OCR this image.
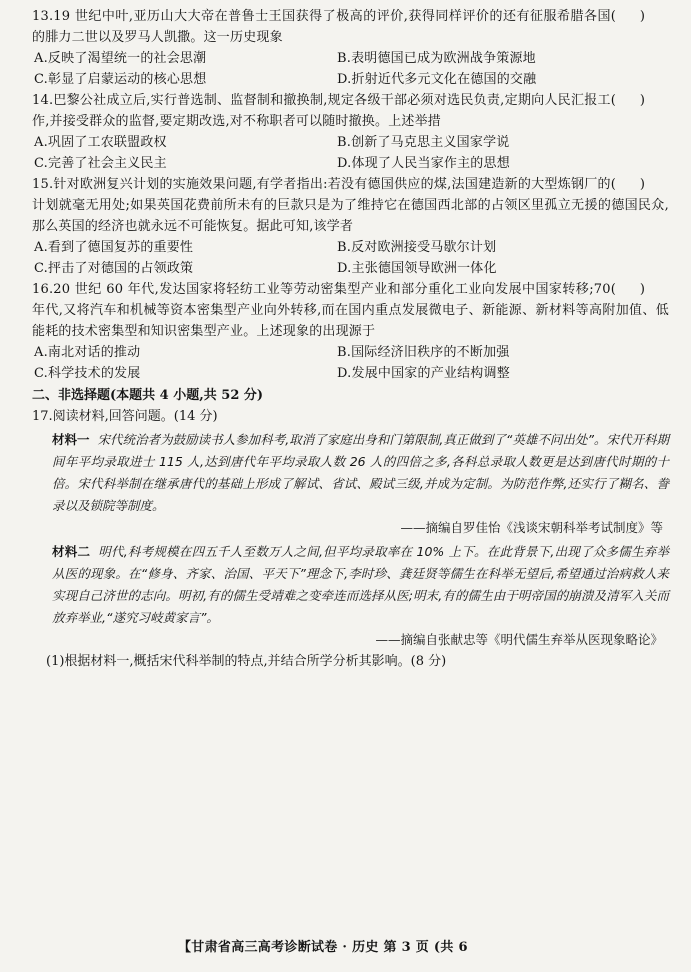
( )
13.19 世纪中叶,亚历山大大帝在普鲁士王国获得了极高的评价,获得同样评价的还有征服希腊各国的腓力二世以及罗马人凯撒。这一历史现象
A.反映了渴望统一的社会思潮	B.表明德国已成为欧洲战争策源地
C.彰显了启蒙运动的核心思想	D.折射近代多元文化在德国的交融
( )
14.巴黎公社成立后,实行普选制、监督制和撤换制,规定各级干部必须对选民负责,定期向人民汇报工作,并接受群众的监督,要定期改选,对不称职者可以随时撤换。上述举措
A.巩固了工农联盟政权	B.创新了马克思主义国家学说
C.完善了社会主义民主	D.体现了人民当家作主的思想
( )
15.针对欧洲复兴计划的实施效果问题,有学者指出:若没有德国供应的煤,法国建造新的大型炼钢厂的计划就毫无用处;如果英国花费前所未有的巨款只是为了维持它在德国西北部的占领区里孤立无援的德国民众,那么英国的经济也就永远不可能恢复。据此可知,该学者
A.看到了德国复苏的重要性	B.反对欧洲接受马歇尔计划
C.抨击了对德国的占领政策	D.主张德国领导欧洲一体化
( )
16.20 世纪 60 年代,发达国家将轻纺工业等劳动密集型产业和部分重化工业向发展中国家转移;70 年代,又将汽车和机械等资本密集型产业向外转移,而在国内重点发展微电子、新能源、新材料等高附加值、低能耗的技术密集型和知识密集型产业。上述现象的出现源于
A.南北对话的推动	B.国际经济旧秩序的不断加强
C.科学技术的发展	D.发展中国家的产业结构调整
二、非选择题(本题共 4 小题,共 52 分)
17.阅读材料,回答问题。(14 分)
材料一 宋代统治者为鼓励读书人参加科考,取消了家庭出身和门第限制,真正做到了“英雄不问出处”。宋代开科期间年平均录取进士 115 人,达到唐代年平均录取人数 26 人的四倍之多,各科总录取人数更是达到唐代时期的十倍。宋代科举制在继承唐代的基础上形成了解试、省试、殿试三级,并成为定制。为防范作弊,还实行了糊名、誊录以及锁院等制度。
——摘编自罗佳怡《浅谈宋朝科举考试制度》等
材料二 明代,科考规模在四五千人至数万人之间,但平均录取率在 10% 上下。在此背景下,出现了众多儒生弃举从医的现象。在“修身、齐家、治国、平天下”理念下,李时珍、龚廷贤等儒生在科举无望后,希望通过治病救人来实现自己济世的志向。明初,有的儒生受靖难之变牵连而选择从医;明末,有的儒生由于明帝国的崩溃及清军入关而放弃举业,“遂究习岐黄家言”。
——摘编自张献忠等《明代儒生弃举从医现象略论》
(1)根据材料一,概括宋代科举制的特点,并结合所学分析其影响。(8 分)
【甘肃省高三高考诊断试卷 · 历史 第 3 页 (共 6
